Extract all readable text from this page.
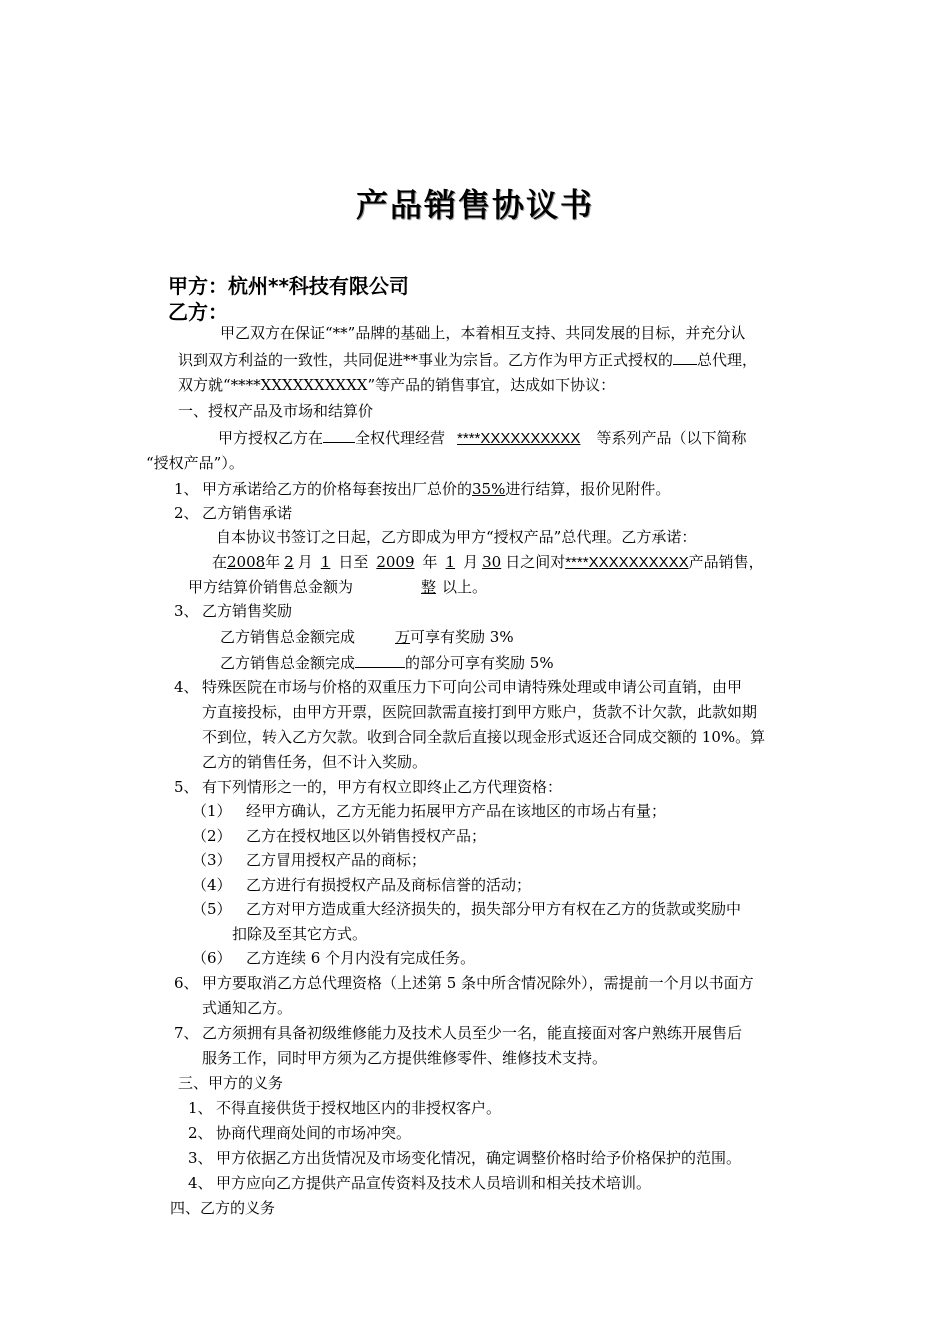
产品销售协议书
甲方：杭州**科技有限公司
乙方：
甲乙双方在保证“**”品牌的基础上，本着相互支持、共同发展的目标，并充分认
识到双方利益的一致性，共同促进**事业为宗旨。乙方作为甲方正式授权的 总代理，
双方就“****XXXXXXXXXX”等产品的销售事宜，达成如下协议：
一、授权产品及市场和结算价
甲方授权乙方在 全权代理经营 ****XXXXXXXXXX 等系列产品（以下简称
“授权产品”）。
1、 甲方承诺给乙方的价格每套按出厂总价的35%进行结算，报价见附件。
2、 乙方销售承诺
自本协议书签订之日起，乙方即成为甲方“授权产品”总代理。乙方承诺：
在2008年 2 月 1 日至 2009 年 1 月 30 日之间对****XXXXXXXXXX产品销售，
甲方结算价销售总金额为	整 以上。
3、 乙方销售奖励
乙方销售总金额完成	万可享有奖励 3%
乙方销售总金额完成	的部分可享有奖励 5%
4、 特殊医院在市场与价格的双重压力下可向公司申请特殊处理或申请公司直销，由甲
方直接投标，由甲方开票，医院回款需直接打到甲方账户，货款不计欠款，此款如期
不到位，转入乙方欠款。收到合同全款后直接以现金形式返还合同成交额的 10%。算
乙方的销售任务，但不计入奖励。
5、 有下列情形之一的，甲方有权立即终止乙方代理资格：
（1） 经甲方确认，乙方无能力拓展甲方产品在该地区的市场占有量；
（2） 乙方在授权地区以外销售授权产品；
（3） 乙方冒用授权产品的商标；
（4） 乙方进行有损授权产品及商标信誉的活动；
（5） 乙方对甲方造成重大经济损失的，损失部分甲方有权在乙方的货款或奖励中
扣除及至其它方式。
（6） 乙方连续 6 个月内没有完成任务。
6、 甲方要取消乙方总代理资格（上述第 5 条中所含情况除外），需提前一个月以书面方
式通知乙方。
7、 乙方须拥有具备初级维修能力及技术人员至少一名，能直接面对客户熟练开展售后
服务工作，同时甲方须为乙方提供维修零件、维修技术支持。
三、甲方的义务
1、 不得直接供货于授权地区内的非授权客户。
2、 协商代理商处间的市场冲突。
3、 甲方依据乙方出货情况及市场变化情况，确定调整价格时给予价格保护的范围。
4、 甲方应向乙方提供产品宣传资料及技术人员培训和相关技术培训。
四、乙方的义务
